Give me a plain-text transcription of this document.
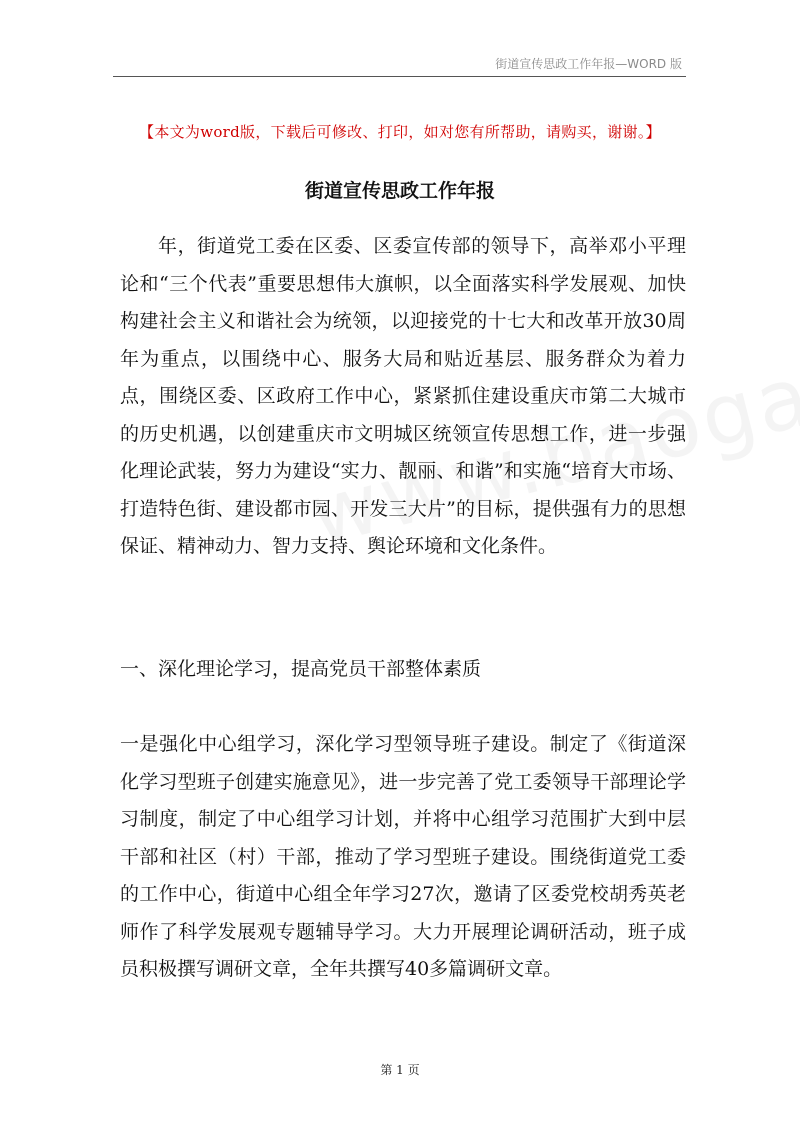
街道宣传思政工作年报—WORD 版
【本文为word版，下载后可修改、打印，如对您有所帮助，请购买，谢谢。】
街道宣传思政工作年报

年，街道党工委在区委、区委宣传部的领导下，高举邓小平理论和“三个代表”重要思想伟大旗帜，以全面落实科学发展观、加快构建社会主义和谐社会为统领，以迎接党的十七大和改革开放30周年为重点，以围绕中心、服务大局和贴近基层、服务群众为着力点，围绕区委、区政府工作中心，紧紧抓住建设重庆市第二大城市的历史机遇，以创建重庆市文明城区统领宣传思想工作，进一步强化理论武装，努力为建设“实力、靓丽、和谐”和实施“培育大市场、打造特色街、建设都市园、开发三大片”的目标，提供强有力的思想保证、精神动力、智力支持、舆论环境和文化条件。

一、深化理论学习，提高党员干部整体素质

一是强化中心组学习，深化学习型领导班子建设。制定了《街道深化学习型班子创建实施意见》，进一步完善了党工委领导干部理论学习制度，制定了中心组学习计划，并将中心组学习范围扩大到中层干部和社区（村）干部，推动了学习型班子建设。围绕街道党工委的工作中心，街道中心组全年学习27次，邀请了区委党校胡秀英老师作了科学发展观专题辅导学习。大力开展理论调研活动，班子成员积极撰写调研文章，全年共撰写40多篇调研文章。

第 1 页
